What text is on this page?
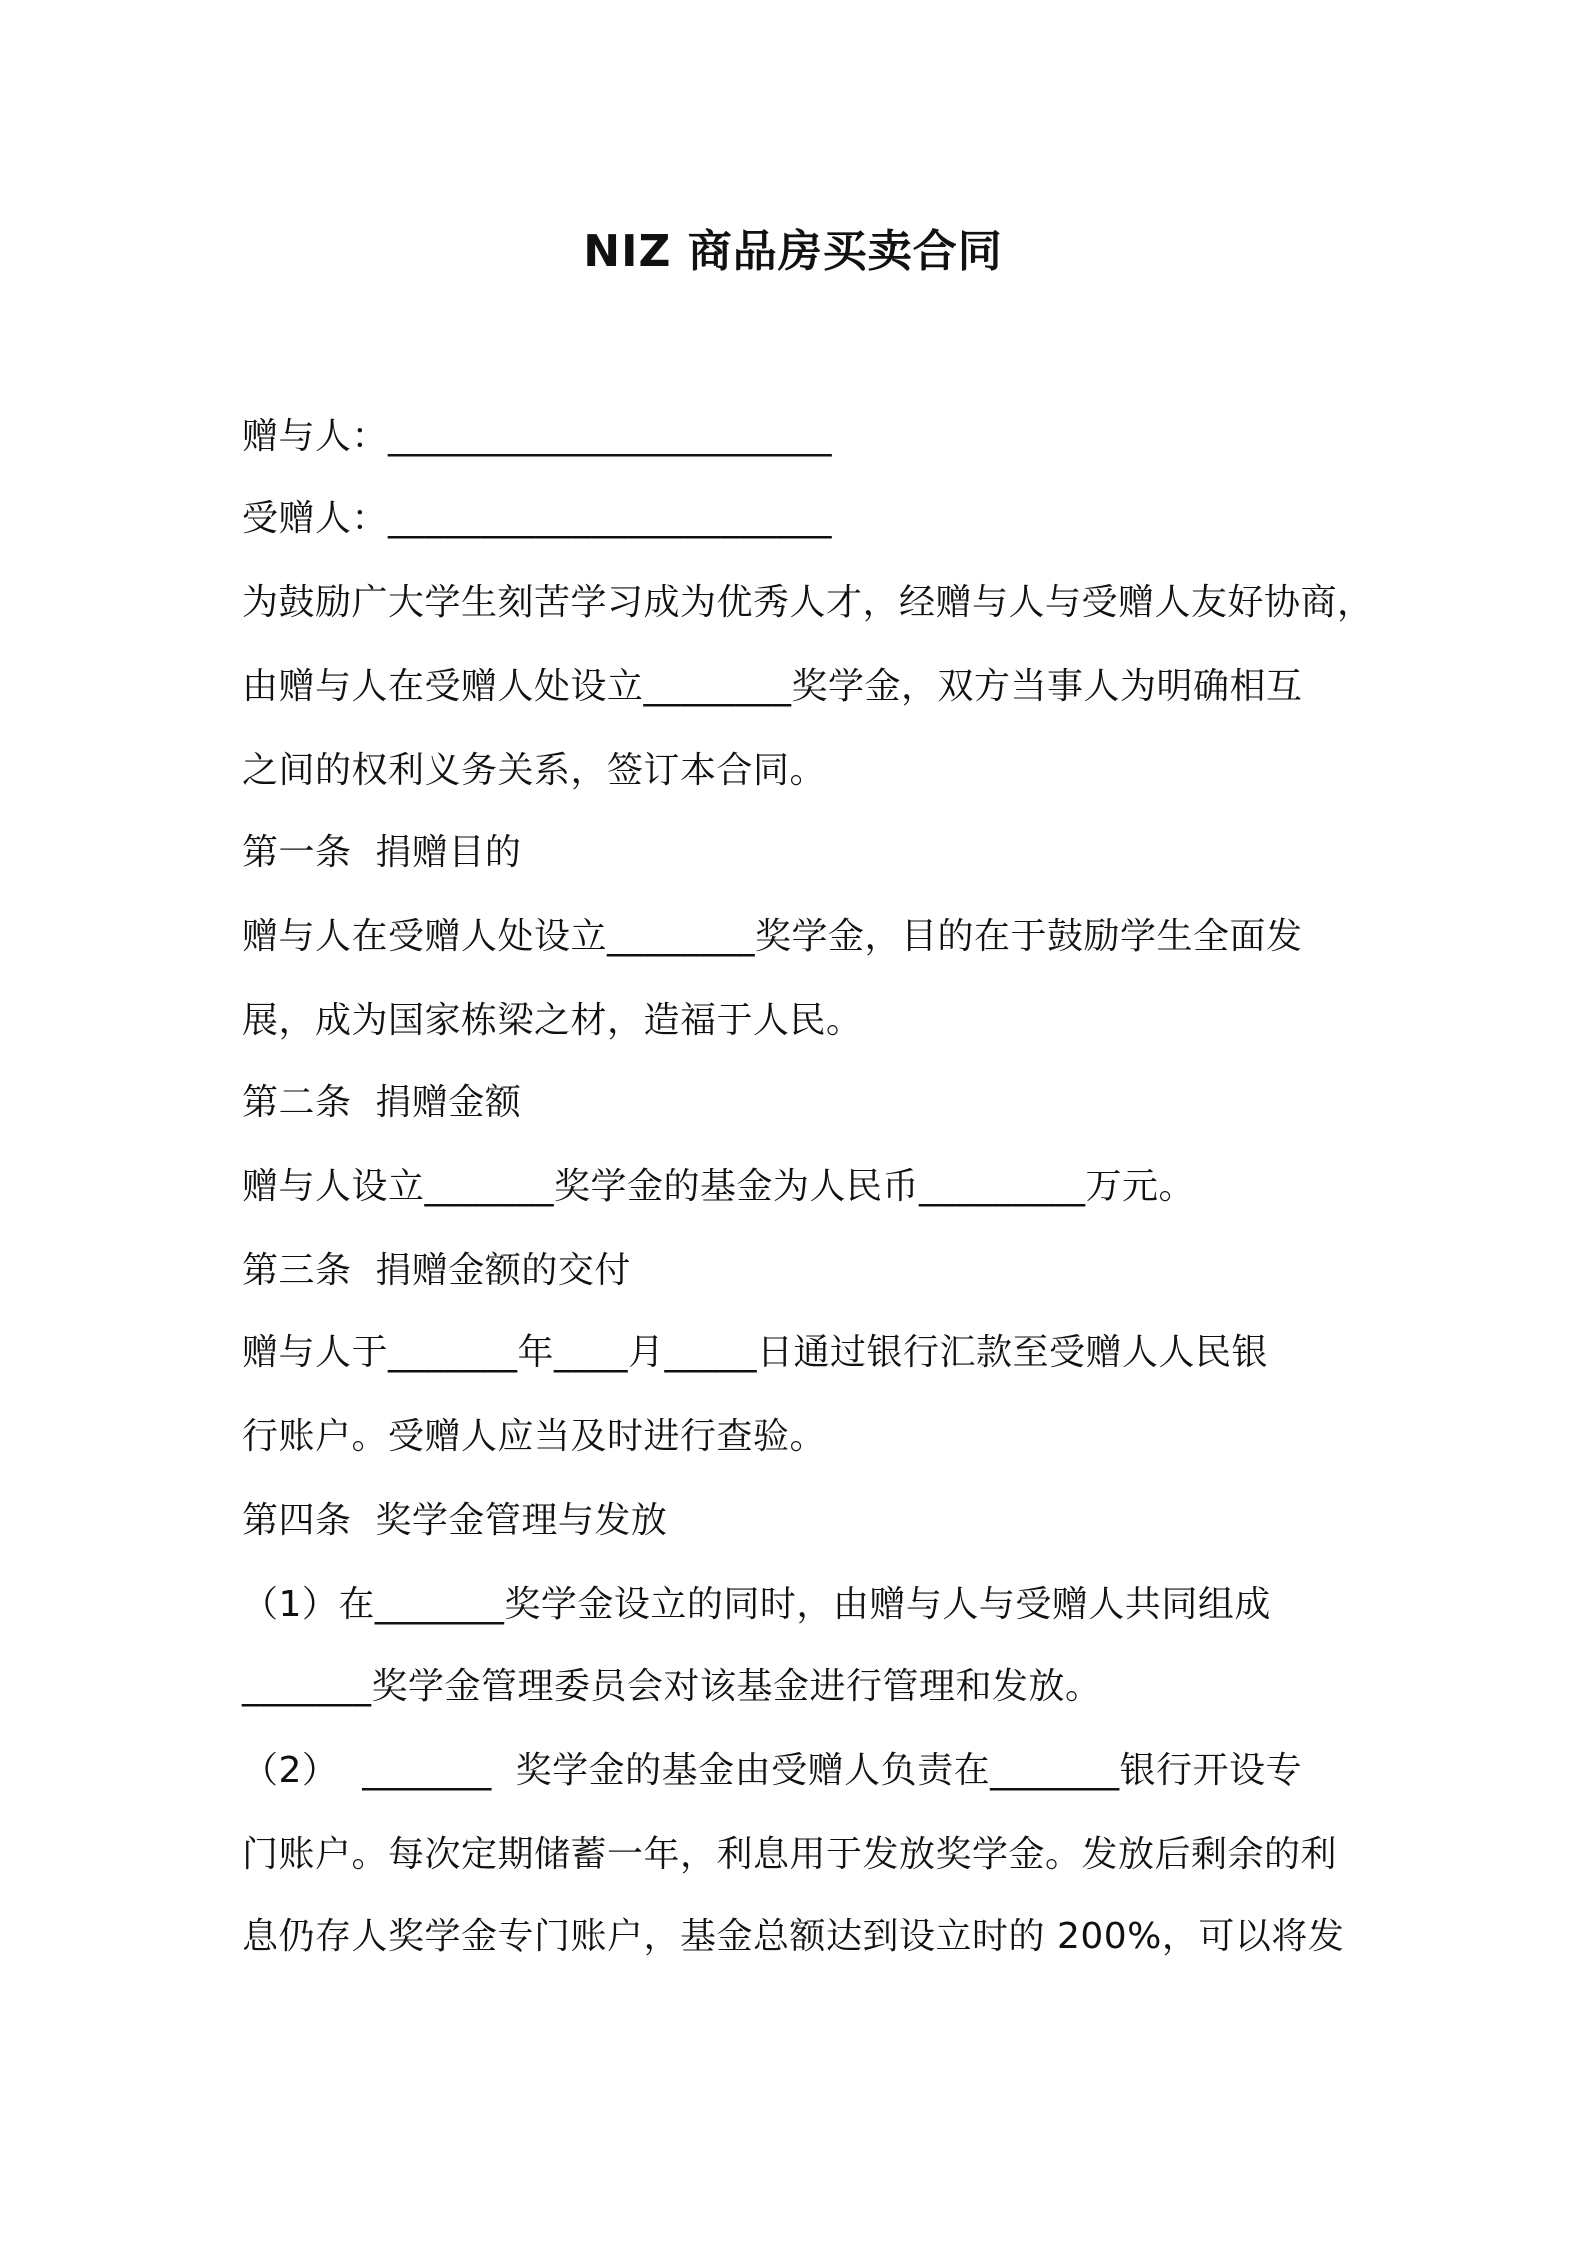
NIZ 商品房买卖合同
赠与人：________________________
受赠人：________________________
为鼓励广大学生刻苦学习成为优秀人才，经赠与人与受赠人友好协商，
由赠与人在受赠人处设立________奖学金，双方当事人为明确相互
之间的权利义务关系，签订本合同。
第一条  捐赠目的
赠与人在受赠人处设立________奖学金，目的在于鼓励学生全面发
展，成为国家栋梁之材，造福于人民。
第二条  捐赠金额
赠与人设立_______奖学金的基金为人民币_________万元。
第三条  捐赠金额的交付
赠与人于_______年____月_____日通过银行汇款至受赠人人民银
行账户。受赠人应当及时进行查验。
第四条  奖学金管理与发放
（1）在_______奖学金设立的同时，由赠与人与受赠人共同组成
_______奖学金管理委员会对该基金进行管理和发放。
（2）  _______  奖学金的基金由受赠人负责在_______银行开设专
门账户。每次定期储蓄一年，利息用于发放奖学金。发放后剩余的利
息仍存人奖学金专门账户，基金总额达到设立时的 200%，可以将发
